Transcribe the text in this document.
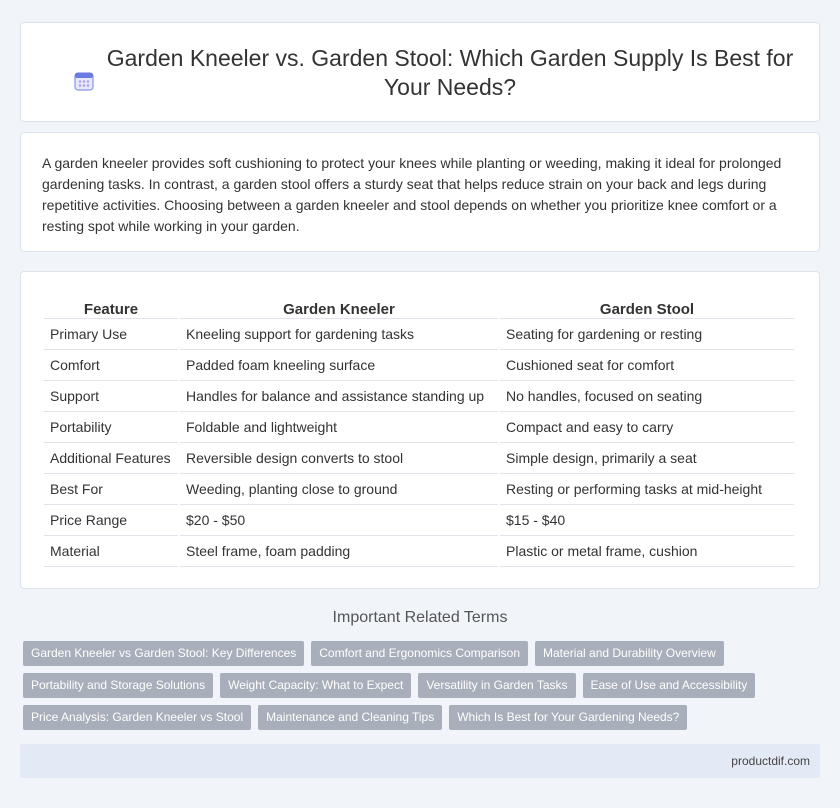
Garden Kneeler vs. Garden Stool: Which Garden Supply Is Best for Your Needs?

A garden kneeler provides soft cushioning to protect your knees while planting or weeding, making it ideal for prolonged gardening tasks. In contrast, a garden stool offers a sturdy seat that helps reduce strain on your back and legs during repetitive activities. Choosing between a garden kneeler and stool depends on whether you prioritize knee comfort or a resting spot while working in your garden.

Feature	Garden Kneeler	Garden Stool
Primary Use	Kneeling support for gardening tasks	Seating for gardening or resting
Comfort	Padded foam kneeling surface	Cushioned seat for comfort
Support	Handles for balance and assistance standing up	No handles, focused on seating
Portability	Foldable and lightweight	Compact and easy to carry
Additional Features	Reversible design converts to stool	Simple design, primarily a seat
Best For	Weeding, planting close to ground	Resting or performing tasks at mid-height
Price Range	$20 - $50	$15 - $40
Material	Steel frame, foam padding	Plastic or metal frame, cushion
Important Related Terms
Garden Kneeler vs Garden Stool: Key Differences	Comfort and Ergonomics Comparison	Material and Durability Overview
Portability and Storage Solutions	Weight Capacity: What to Expect	Versatility in Garden Tasks	Ease of Use and Accessibility
Price Analysis: Garden Kneeler vs Stool	Maintenance and Cleaning Tips	Which Is Best for Your Gardening Needs?
productdif.com
